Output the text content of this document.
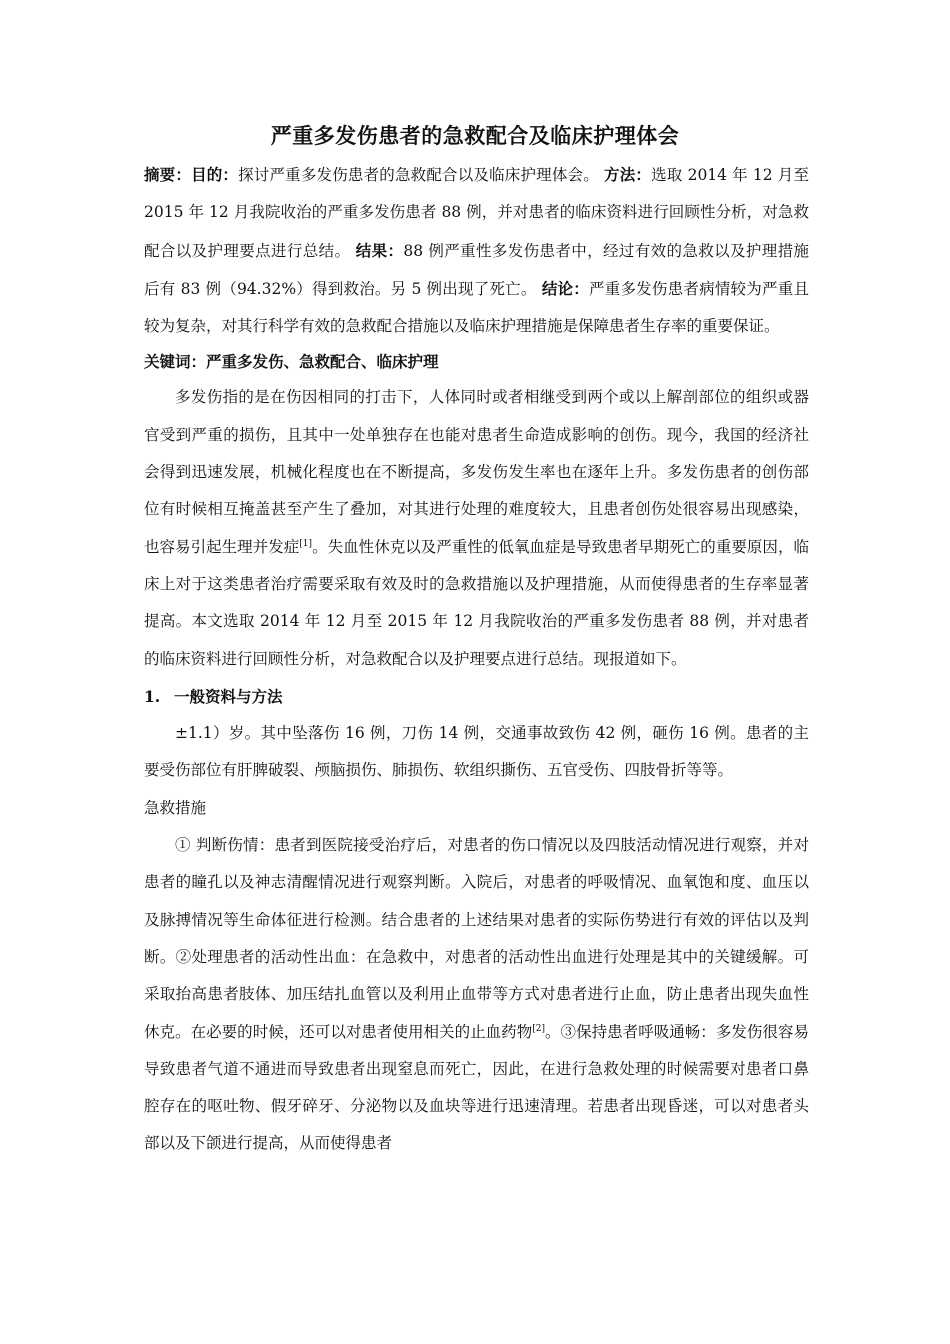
严重多发伤患者的急救配合及临床护理体会

摘要：目的：探讨严重多发伤患者的急救配合以及临床护理体会。 方法：选取 2014 年 12 月至 2015 年 12 月我院收治的严重多发伤患者 88 例，并对患者的临床资料进行回顾性分析，对急救配合以及护理要点进行总结。 结果：88 例严重性多发伤患者中，经过有效的急救以及护理措施后有 83 例（94.32%）得到救治。另 5 例出现了死亡。 结论：严重多发伤患者病情较为严重且较为复杂，对其行科学有效的急救配合措施以及临床护理措施是保障患者生存率的重要保证。

关键词：严重多发伤、急救配合、临床护理

多发伤指的是在伤因相同的打击下，人体同时或者相继受到两个或以上解剖部位的组织或器官受到严重的损伤，且其中一处单独存在也能对患者生命造成影响的创伤。现今，我国的经济社会得到迅速发展，机械化程度也在不断提高，多发伤发生率也在逐年上升。多发伤患者的创伤部位有时候相互掩盖甚至产生了叠加，对其进行处理的难度较大，且患者创伤处很容易出现感染，也容易引起生理并发症[1]。失血性休克以及严重性的低氧血症是导致患者早期死亡的重要原因，临床上对于这类患者治疗需要采取有效及时的急救措施以及护理措施，从而使得患者的生存率显著提高。本文选取 2014 年 12 月至 2015 年 12 月我院收治的严重多发伤患者 88 例，并对患者的临床资料进行回顾性分析，对急救配合以及护理要点进行总结。现报道如下。

1. 一般资料与方法

±1.1）岁。其中坠落伤 16 例，刀伤 14 例，交通事故致伤 42 例，砸伤 16 例。患者的主要受伤部位有肝脾破裂、颅脑损伤、肺损伤、软组织撕伤、五官受伤、四肢骨折等等。

急救措施

① 判断伤情：患者到医院接受治疗后，对患者的伤口情况以及四肢活动情况进行观察，并对患者的瞳孔以及神志清醒情况进行观察判断。入院后，对患者的呼吸情况、血氧饱和度、血压以及脉搏情况等生命体征进行检测。结合患者的上述结果对患者的实际伤势进行有效的评估以及判断。②处理患者的活动性出血：在急救中，对患者的活动性出血进行处理是其中的关键缓解。可采取抬高患者肢体、加压结扎血管以及利用止血带等方式对患者进行止血，防止患者出现失血性休克。在必要的时候，还可以对患者使用相关的止血药物[2]。③保持患者呼吸通畅：多发伤很容易导致患者气道不通进而导致患者出现窒息而死亡，因此，在进行急救处理的时候需要对患者口鼻腔存在的呕吐物、假牙碎牙、分泌物以及血块等进行迅速清理。若患者出现昏迷，可以对患者头部以及下颌进行提高，从而使得患者
